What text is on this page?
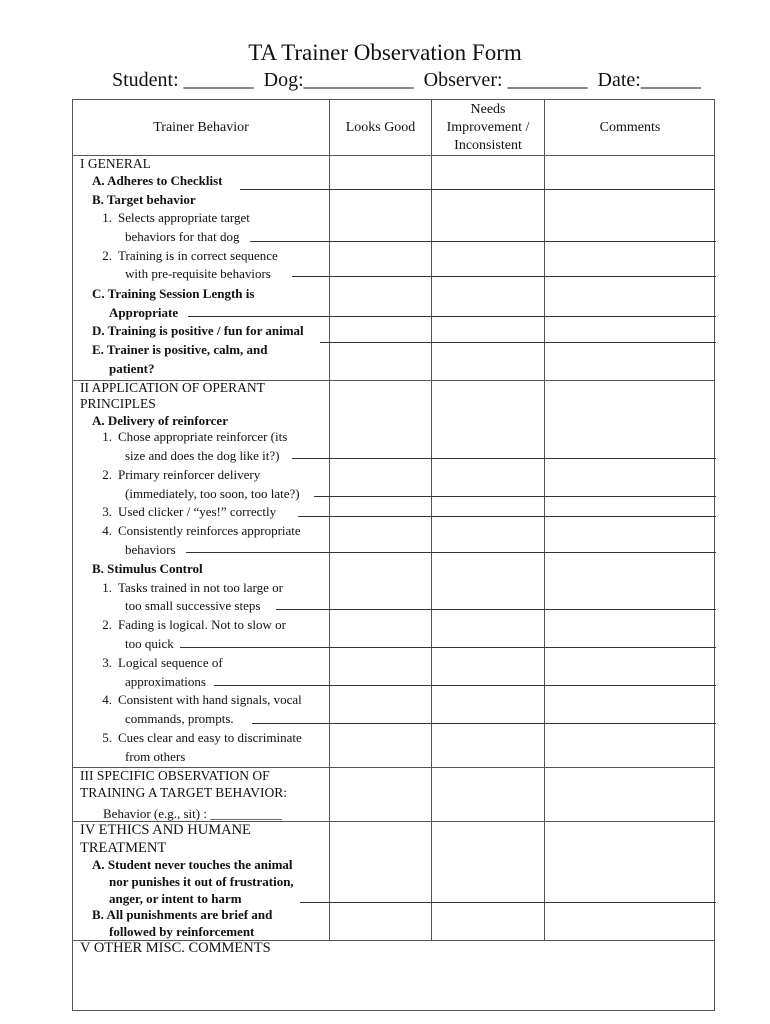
TA Trainer Observation Form
Student: _______ Dog:___________ Observer: ________ Date:______
Trainer Behavior	Looks Good
Needs
Improvement /
Inconsistent
Comments
I GENERAL
A. Adheres to Checklist
B. Target behavior
1. Selects appropriate target
behaviors for that dog
2. Training is in correct sequence
with pre-requisite behaviors
C. Training Session Length is
Appropriate
D. Training is positive / fun for animal
E. Trainer is positive, calm, and
patient?
II APPLICATION OF OPERANT
PRINCIPLES
A. Delivery of reinforcer
1. Chose appropriate reinforcer (its
size and does the dog like it?)
2. Primary reinforcer delivery
(immediately, too soon, too late?)
3. Used clicker / “yes!” correctly
4. Consistently reinforces appropriate
behaviors
B. Stimulus Control
1. Tasks trained in not too large or
too small successive steps
2. Fading is logical. Not to slow or
too quick
3. Logical sequence of
approximations
4. Consistent with hand signals, vocal
commands, prompts.
5. Cues clear and easy to discriminate
from others
III SPECIFIC OBSERVATION OF
TRAINING A TARGET BEHAVIOR:
Behavior (e.g., sit) : ___________
IV ETHICS AND HUMANE
TREATMENT
A. Student never touches the animal
nor punishes it out of frustration,
anger, or intent to harm
B. All punishments are brief and
followed by reinforcement
V OTHER MISC. COMMENTS
